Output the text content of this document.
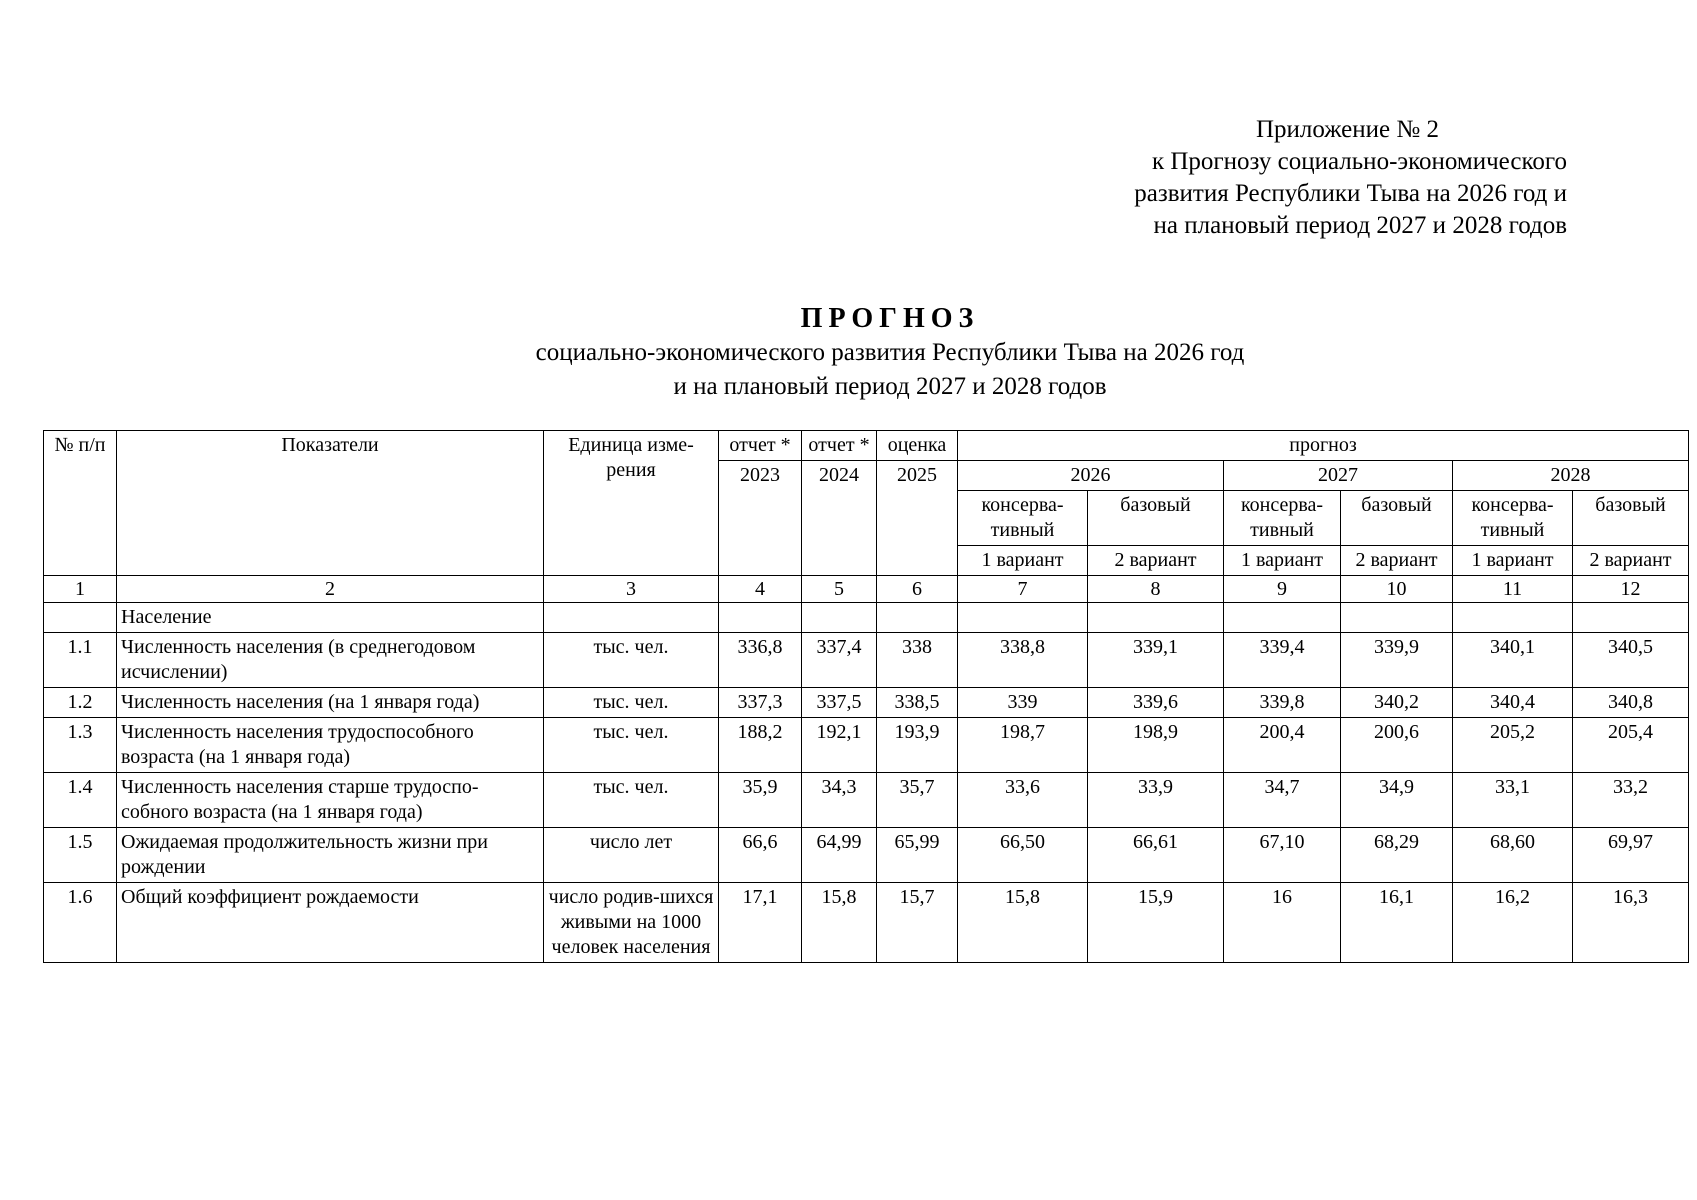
Приложение № 2
к Прогнозу социально-экономического
развития Республики Тыва на 2026 год и
на плановый период 2027 и 2028 годов
ПРОГНОЗ
социально-экономического развития Республики Тыва на 2026 год
и на плановый период 2027 и 2028 годов
№ п/п	Показатели	Единица изме-рения	отчет *	отчет *	оценка	прогноз					
			2023	2024	2025	2026		2027		2028	
						консерва-тивный	базовый	консерва-тивный	базовый	консерва-тивный	базовый
						1 вариант	2 вариант	1 вариант	2 вариант	1 вариант	2 вариант
1	2	3	4	5	6	7	8	9	10	11	12
	Население										
1.1	Численность населения (в среднегодовом исчислении)	тыс. чел.	336,8	337,4	338	338,8	339,1	339,4	339,9	340,1	340,5
1.2	Численность населения (на 1 января года)	тыс. чел.	337,3	337,5	338,5	339	339,6	339,8	340,2	340,4	340,8
1.3	Численность населения трудоспособного возраста (на 1 января года)	тыс. чел.	188,2	192,1	193,9	198,7	198,9	200,4	200,6	205,2	205,4
1.4	Численность населения старше трудоспо-собного возраста (на 1 января года)	тыс. чел.	35,9	34,3	35,7	33,6	33,9	34,7	34,9	33,1	33,2
1.5	Ожидаемая продолжительность жизни при рождении	число лет	66,6	64,99	65,99	66,50	66,61	67,10	68,29	68,60	69,97
1.6	Общий коэффициент рождаемости	число родив-шихся живыми на 1000 человек населения	17,1	15,8	15,7	15,8	15,9	16	16,1	16,2	16,3
